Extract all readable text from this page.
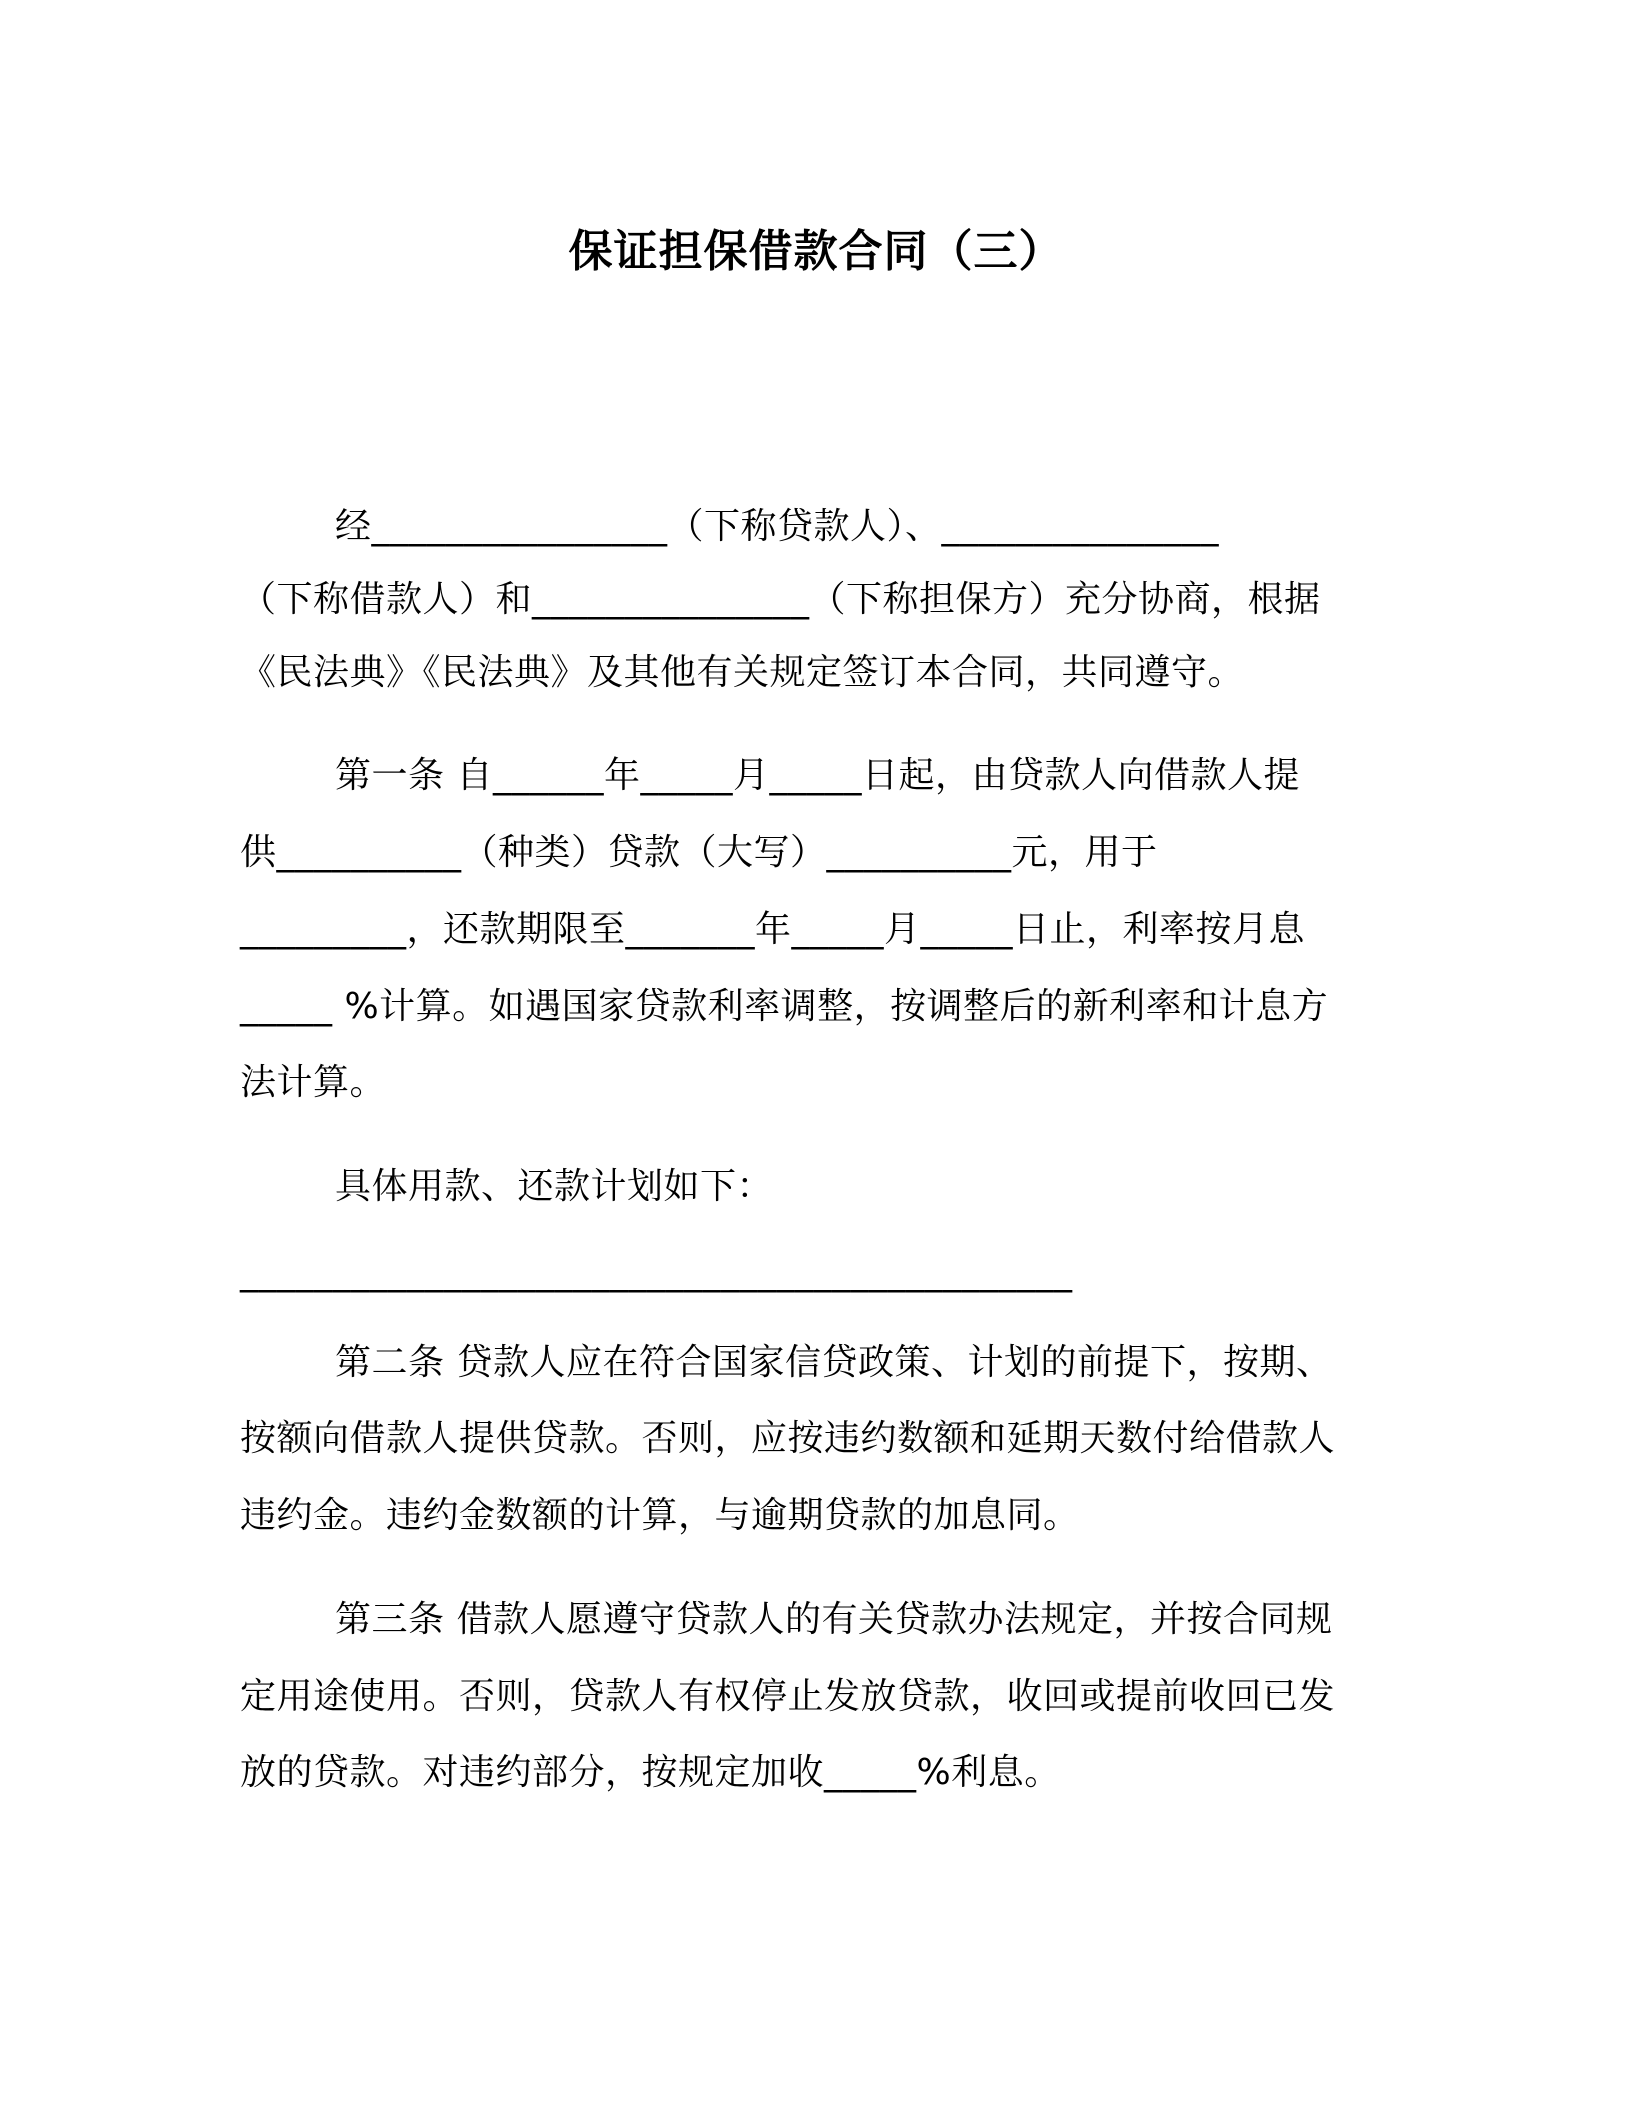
保证担保借款合同（三）
经________________（下称贷款人）、_______________
（下称借款人）和_______________（下称担保方）充分协商，根据
《民法典》《民法典》及其他有关规定签订本合同，共同遵守。
第一条 自______年_____月_____日起，由贷款人向借款人提
供__________（种类）贷款（大写）__________元，用于
_________，还款期限至_______年_____月_____日止，利率按月息
_____ %计算。如遇国家贷款利率调整，按调整后的新利率和计息方
法计算。
具体用款、还款计划如下：
_____________________________________________
第二条 贷款人应在符合国家信贷政策、计划的前提下，按期、
按额向借款人提供贷款。否则，应按违约数额和延期天数付给借款人
违约金。违约金数额的计算，与逾期贷款的加息同。
第三条 借款人愿遵守贷款人的有关贷款办法规定，并按合同规
定用途使用。否则，贷款人有权停止发放贷款，收回或提前收回已发
放的贷款。对违约部分，按规定加收_____%利息。
